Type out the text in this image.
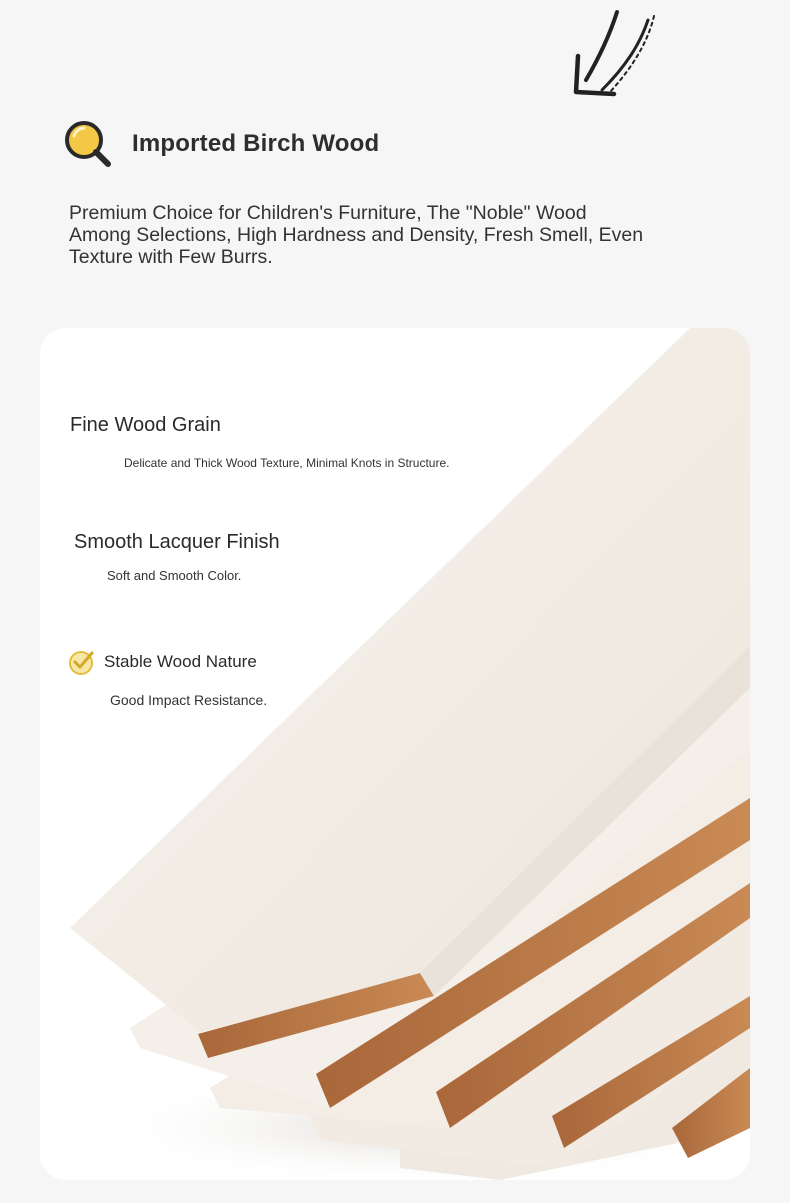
Imported Birch Wood
Premium Choice for Children's Furniture, The "Noble" Wood Among Selections, High Hardness and Density, Fresh Smell, Even Texture with Few Burrs.
Fine Wood Grain
Delicate and Thick Wood Texture, Minimal Knots in Structure.
Smooth Lacquer Finish
Soft and Smooth Color.
Stable Wood Nature
Good Impact Resistance.
